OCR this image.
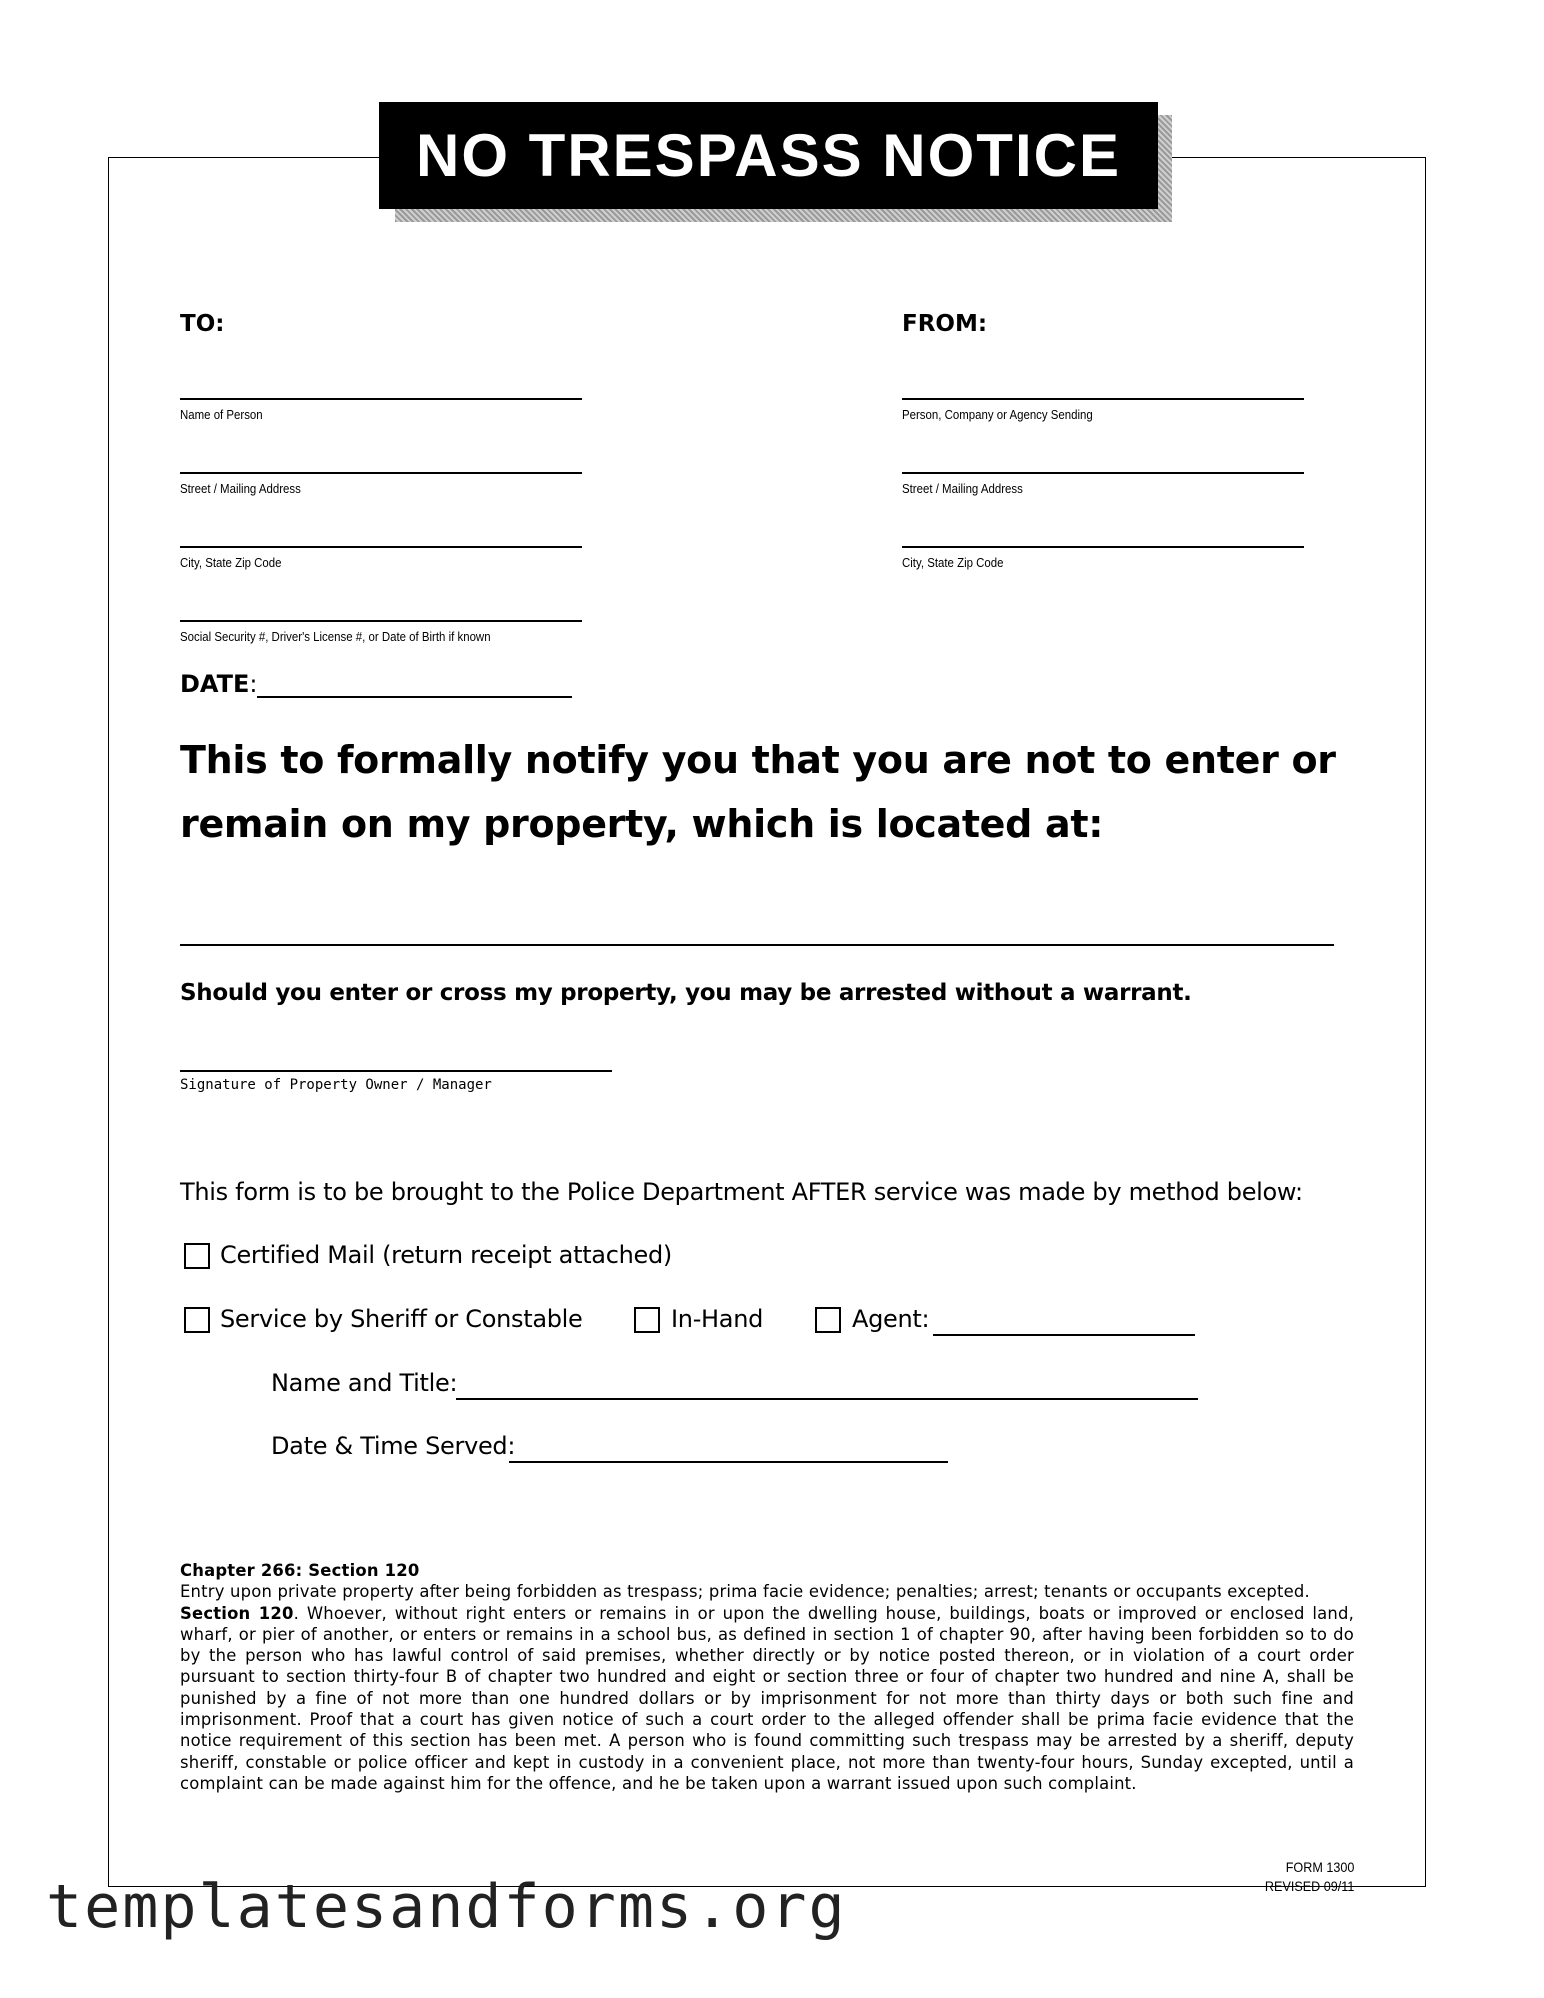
NO TRESPASS NOTICE
TO:
Name of Person
Street / Mailing Address
City, State Zip Code
Social Security #, Driver's License #, or Date of Birth if known
FROM:
Person, Company or Agency Sending
Street / Mailing Address
City, State Zip Code
DATE:
This to formally notify you that you are not to enter or remain on my property, which is located at:
Should you enter or cross my property, you may be arrested without a warrant.
Signature of Property Owner / Manager
This form is to be brought to the Police Department AFTER service was made by method below:
Certified Mail (return receipt attached)
Service by Sheriff or Constable	In-Hand	Agent:
Name and Title:
Date & Time Served:
Chapter 266: Section 120
Entry upon private property after being forbidden as trespass; prima facie evidence; penalties; arrest; tenants or occupants excepted.
Section 120. Whoever, without right enters or remains in or upon the dwelling house, buildings, boats or improved or enclosed land, wharf, or pier of another, or enters or remains in a school bus, as defined in section 1 of chapter 90, after having been forbidden so to do by the person who has lawful control of said premises, whether directly or by notice posted thereon, or in violation of a court order pursuant to section thirty-four B of chapter two hundred and eight or section three or four of chapter two hundred and nine A, shall be punished by a fine of not more than one hundred dollars or by imprisonment for not more than thirty days or both such fine and imprisonment. Proof that a court has given notice of such a court order to the alleged offender shall be prima facie evidence that the notice requirement of this section has been met. A person who is found committing such trespass may be arrested by a sheriff, deputy sheriff, constable or police officer and kept in custody in a convenient place, not more than twenty-four hours, Sunday excepted, until a complaint can be made against him for the offence, and he be taken upon a warrant issued upon such complaint.
FORM 1300
REVISED 09/11
templatesandforms.org
